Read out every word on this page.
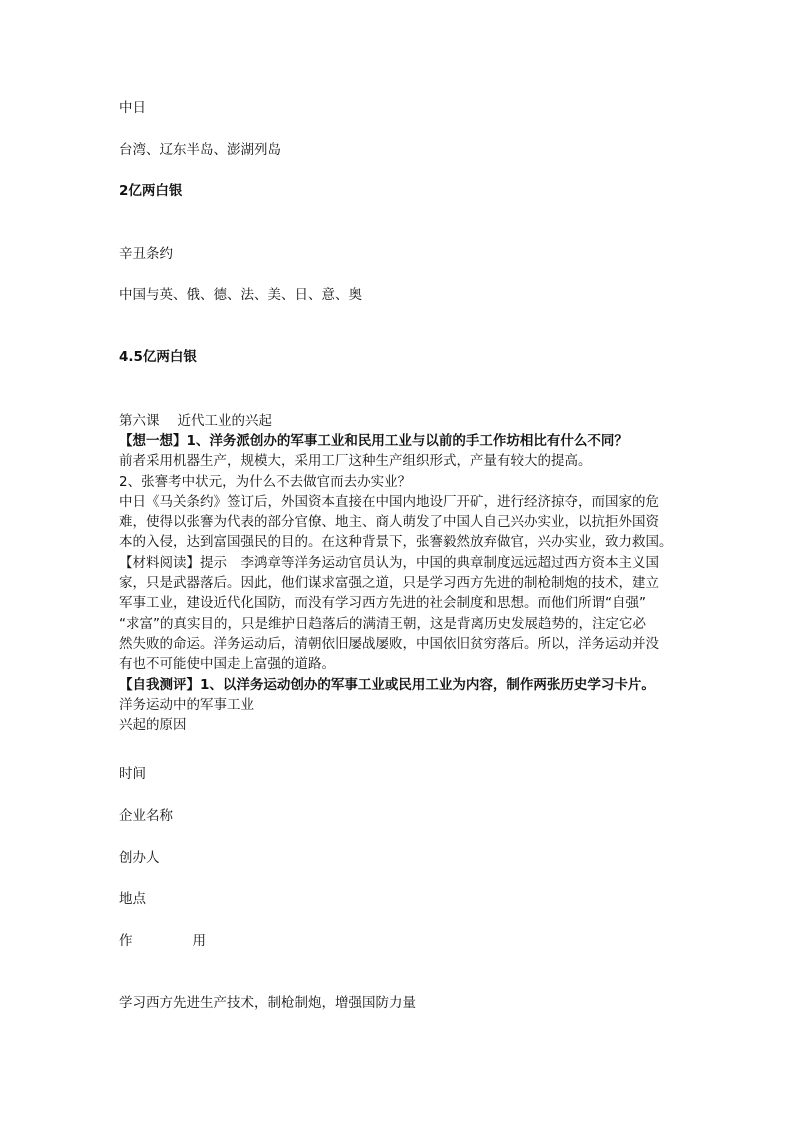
中日
台湾、辽东半岛、澎湖列岛
2亿两白银
辛丑条约
中国与英、俄、德、法、美、日、意、奥
4.5亿两白银
第六课 近代工业的兴起

【想一想】1、洋务派创办的军事工业和民用工业与以前的手工作坊相比有什么不同？

前者采用机器生产，规模大，采用工厂这种生产组织形式，产量有较大的提高。

2、张謇考中状元，为什么不去做官而去办实业？

中日《马关条约》签订后，外国资本直接在中国内地设厂开矿，进行经济掠夺，而国家的危

难，使得以张謇为代表的部分官僚、地主、商人萌发了中国人自己兴办实业，以抗拒外国资

本的入侵，达到富国强民的目的。在这种背景下，张謇毅然放弃做官，兴办实业，致力救国。

【材料阅读】提示　李鸿章等洋务运动官员认为，中国的典章制度远远超过西方资本主义国

家，只是武器落后。因此，他们谋求富强之道，只是学习西方先进的制枪制炮的技术，建立

军事工业，建设近代化国防，而没有学习西方先进的社会制度和思想。而他们所谓“自强”

“求富”的真实目的，只是维护日趋落后的满清王朝，这是背离历史发展趋势的，注定它必

然失败的命运。洋务运动后，清朝依旧屡战屡败，中国依旧贫穷落后。所以，洋务运动并没

有也不可能使中国走上富强的道路。

【自我测评】1、以洋务运动创办的军事工业或民用工业为内容，制作两张历史学习卡片。

洋务运动中的军事工业

兴起的原因

时间
企业名称
创办人
地点
作	用
学习西方先进生产技术，制枪制炮，增强国防力量
